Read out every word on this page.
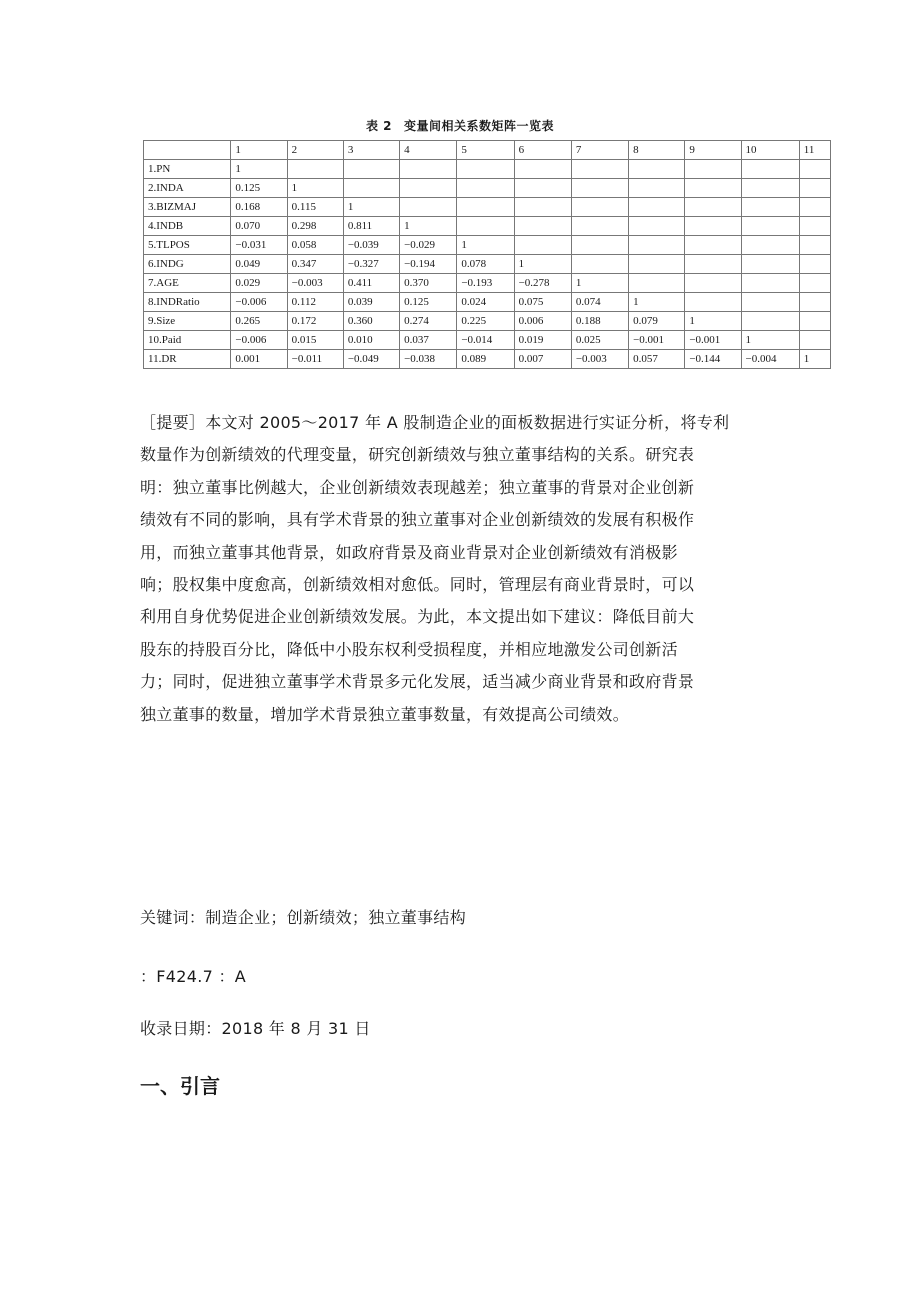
表 2 变量间相关系数矩阵一览表
	1	2	3	4	5	6	7	8	9	10	11
1.PN	1										
2.INDA	0.125	1									
3.BIZMAJ	0.168	0.115	1								
4.INDB	0.070	0.298	0.811	1							
5.TLPOS	−0.031	0.058	−0.039	−0.029	1						
6.INDG	0.049	0.347	−0.327	−0.194	0.078	1					
7.AGE	0.029	−0.003	0.411	0.370	−0.193	−0.278	1				
8.INDRatio	−0.006	0.112	0.039	0.125	0.024	0.075	0.074	1			
9.Size	0.265	0.172	0.360	0.274	0.225	0.006	0.188	0.079	1		
10.Paid	−0.006	0.015	0.010	0.037	−0.014	0.019	0.025	−0.001	−0.001	1	
11.DR	0.001	−0.011	−0.049	−0.038	0.089	0.007	−0.003	0.057	−0.144	−0.004	1
［提要］本文对 2005～2017 年 A 股制造企业的面板数据进行实证分析，将专利
数量作为创新绩效的代理变量，研究创新绩效与独立董事结构的关系。研究表
明：独立董事比例越大，企业创新绩效表现越差；独立董事的背景对企业创新
绩效有不同的影响，具有学术背景的独立董事对企业创新绩效的发展有积极作
用，而独立董事其他背景，如政府背景及商业背景对企业创新绩效有消极影
响；股权集中度愈高，创新绩效相对愈低。同时，管理层有商业背景时，可以
利用自身优势促进企业创新绩效发展。为此，本文提出如下建议：降低目前大
股东的持股百分比，降低中小股东权利受损程度，并相应地激发公司创新活
力；同时，促进独立董事学术背景多元化发展，适当减少商业背景和政府背景
独立董事的数量，增加学术背景独立董事数量，有效提高公司绩效。

关键词：制造企业；创新绩效；独立董事结构

：F424.7 ：A

收录日期：2018 年 8 月 31 日

一、引言
